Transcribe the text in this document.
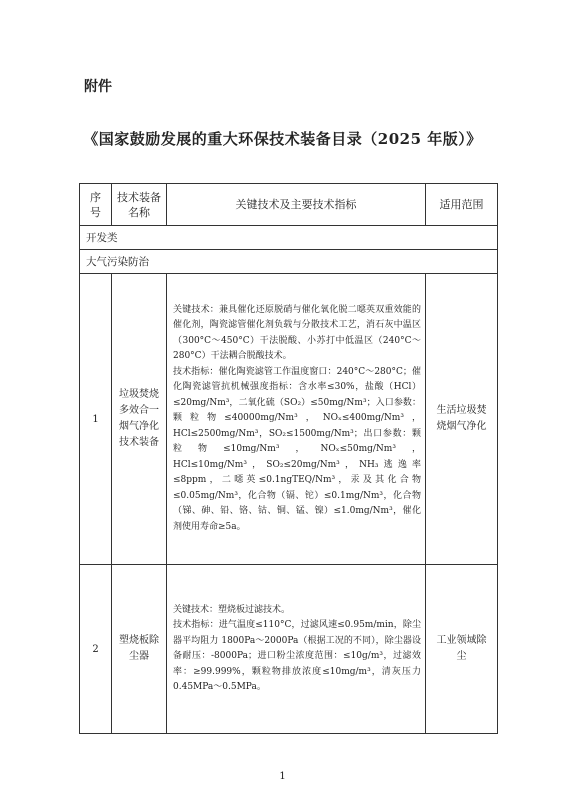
附件
《国家鼓励发展的重大环保技术装备目录（2025 年版）》
序号	技术装备名称	关键技术及主要技术指标	适用范围
开发类			
大气污染防治			
1	垃圾焚烧多效合一烟气净化技术装备	关键技术：兼具催化还原脱硝与催化氧化脱二噁英双重效能的催化剂，陶瓷滤管催化剂负载与分散技术工艺，消石灰中温区（300°C～450°C）干法脱酸、小苏打中低温区（240°C～280°C）干法耦合脱酸技术。
技术指标：催化陶瓷滤管工作温度窗口：240°C～280°C；催化陶瓷滤管抗机械强度指标：含水率≤30%，盐酸（HCl）≤20mg/Nm³，二氧化硫（SO₂）≤50mg/Nm³；入口参数：颗粒物≤40000mg/Nm³，NOₓ≤400mg/Nm³，HCl≤2500mg/Nm³，SO₂≤1500mg/Nm³；出口参数：颗粒物≤10mg/Nm³，NOₓ≤50mg/Nm³，HCl≤10mg/Nm³，SO₂≤20mg/Nm³，NH₃逃逸率≤8ppm，二噁英≤0.1ngTEQ/Nm³，汞及其化合物≤0.05mg/Nm³，化合物（镉、铊）≤0.1mg/Nm³，化合物（锑、砷、铅、铬、钴、铜、锰、镍）≤1.0mg/Nm³，催化剂使用寿命≥5a。	生活垃圾焚烧烟气净化
2	塑烧板除尘器	关键技术：塑烧板过滤技术。
技术指标：进气温度≤110°C，过滤风速≤0.95m/min，除尘器平均阻力 1800Pa～2000Pa（根据工况的不同），除尘器设备耐压：-8000Pa；进口粉尘浓度范围：≤10g/m³，过滤效率：≥99.999%，颗粒物排放浓度≤10mg/m³，清灰压力 0.45MPa～0.5MPa。	工业领域除尘
1
